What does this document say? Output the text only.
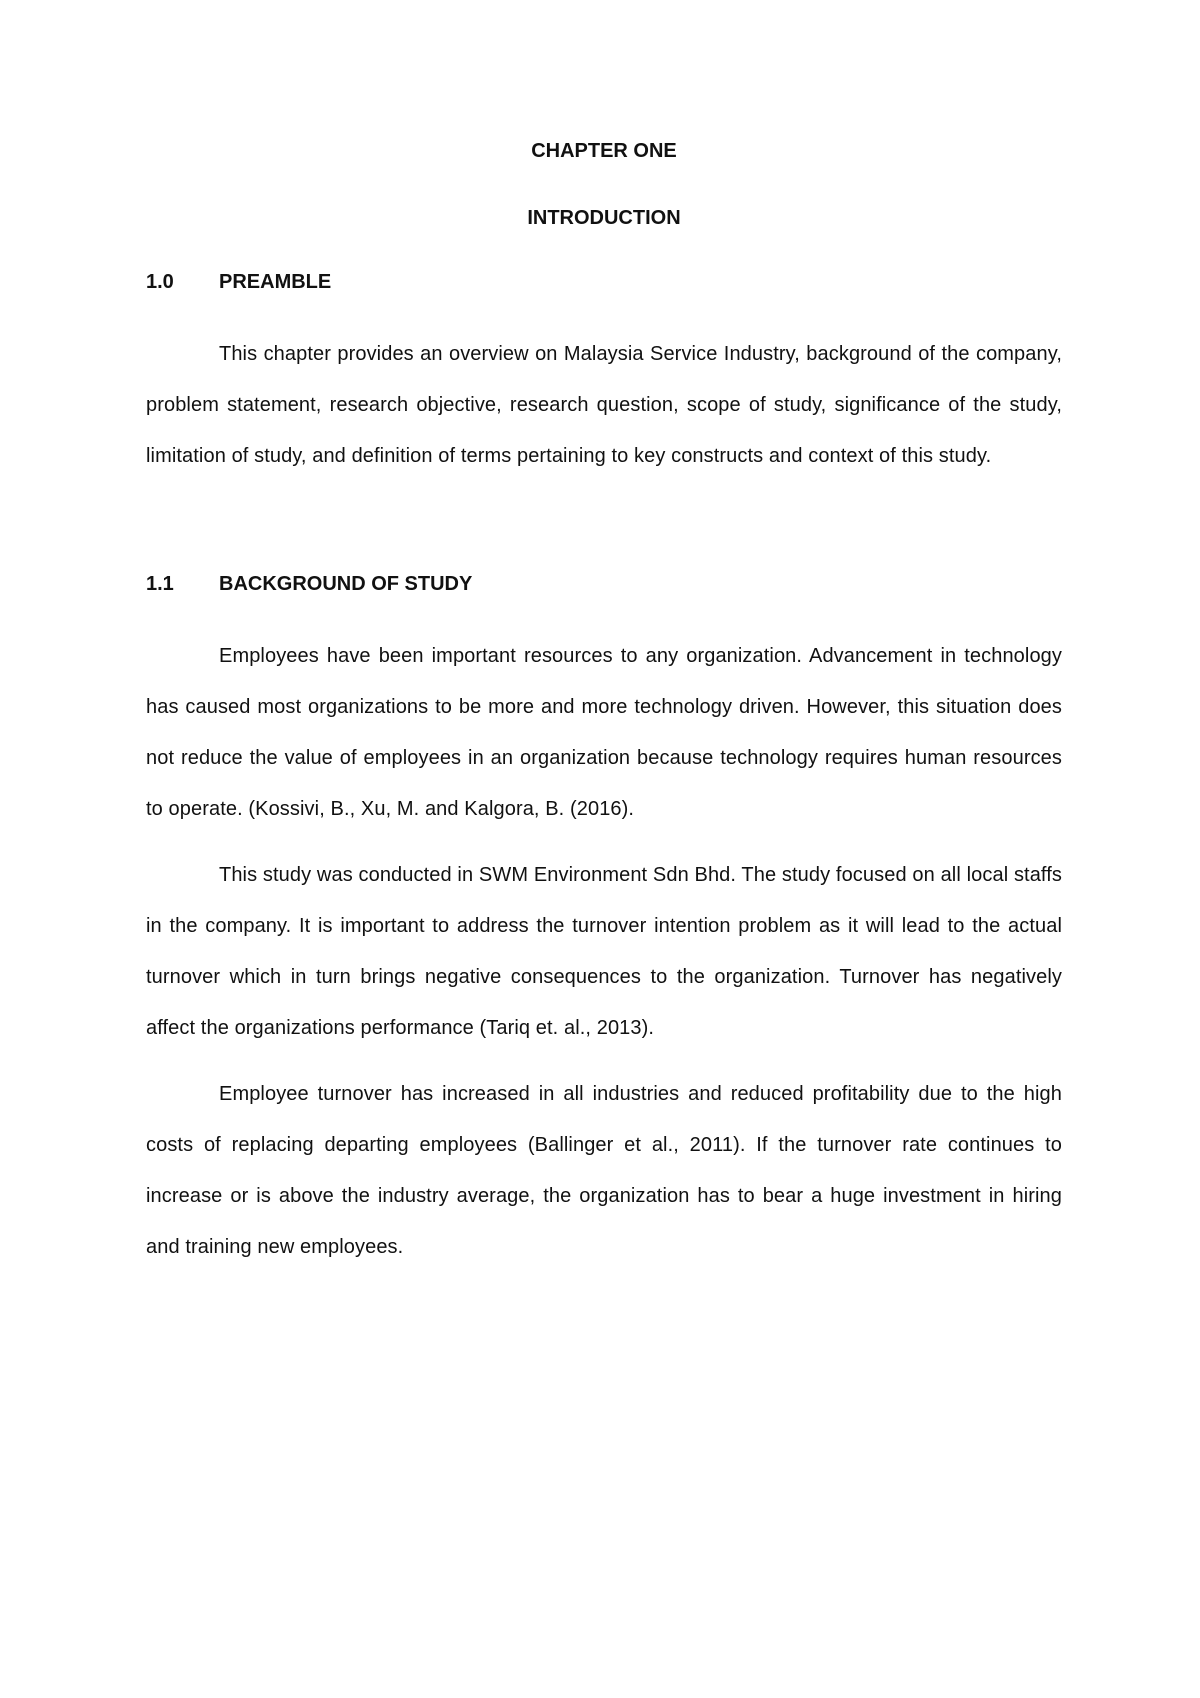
CHAPTER ONE
INTRODUCTION
1.0	PREAMBLE

This chapter provides an overview on Malaysia Service Industry, background of the company, problem statement, research objective, research question, scope of study, significance of the study, limitation of study, and definition of terms pertaining to key constructs and context of this study.

1.1	BACKGROUND OF STUDY

Employees have been important resources to any organization. Advancement in technology has caused most organizations to be more and more technology driven. However, this situation does not reduce the value of employees in an organization because technology requires human resources to operate. (Kossivi, B., Xu, M. and Kalgora, B. (2016).

This study was conducted in SWM Environment Sdn Bhd. The study focused on all local staffs in the company. It is important to address the turnover intention problem as it will lead to the actual turnover which in turn brings negative consequences to the organization. Turnover has negatively affect the organizations performance (Tariq et. al., 2013).

Employee turnover has increased in all industries and reduced profitability due to the high costs of replacing departing employees (Ballinger et al., 2011). If the turnover rate continues to increase or is above the industry average, the organization has to bear a huge investment in hiring and training new employees.
